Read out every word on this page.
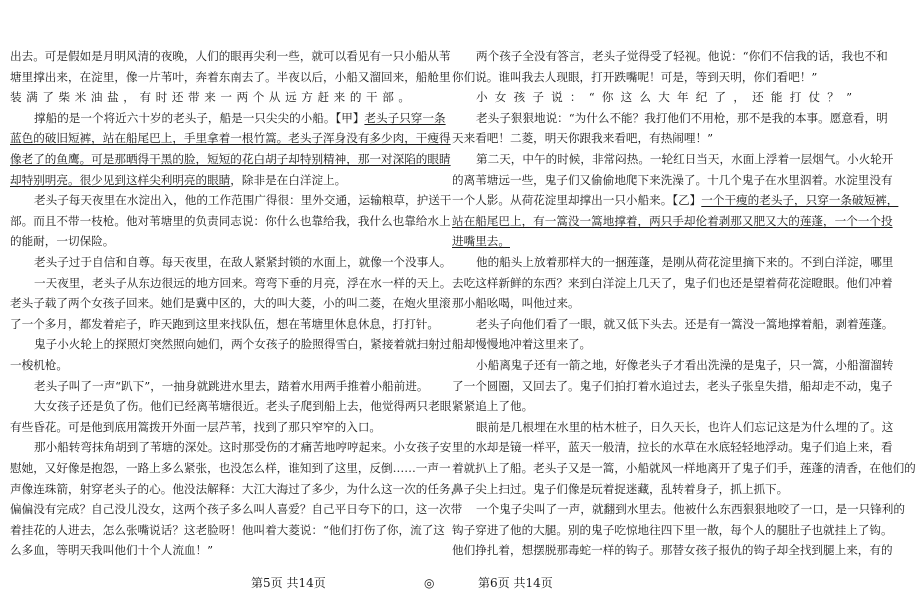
出去。可是假如是月明风清的夜晚，人们的眼再尖利一些，就可以看见有一只小船从苇
塘里撑出来，在淀里，像一片苇叶，奔着东南去了。半夜以后，小船又溜回来，船舱里
装满了柴米油盐，有时还带来一两个从远方赶来的干部。
撑船的是一个将近六十岁的老头子，船是一只尖尖的小船。【甲】老头子只穿一条
蓝色的破旧短裤，站在船尾巴上，手里拿着一根竹篙。老头子浑身没有多少肉，干瘦得
像老了的鱼鹰。可是那晒得干黑的脸，短短的花白胡子却特别精神，那一对深陷的眼睛
却特别明亮。很少见到这样尖利明亮的眼睛，除非是在白洋淀上。
老头子每天夜里在水淀出入，他的工作范围广得很：里外交通，运输粮草，护送干
部。而且不带一枝枪。他对苇塘里的负责同志说：你什么也靠给我，我什么也靠给水上
的能耐，一切保险。
老头子过于自信和自尊。每天夜里，在敌人紧紧封锁的水面上，就像一个没事人。
一天夜里，老头子从东边很远的地方回来。弯弯下垂的月亮，浮在水一样的天上。
老头子载了两个女孩子回来。她们是冀中区的，大的叫大菱，小的叫二菱，在炮火里滚
了一个多月，都发着疟子，昨天跑到这里来找队伍，想在苇塘里休息休息，打打针。
鬼子小火轮上的探照灯突然照向她们，两个女孩子的脸照得雪白，紧接着就扫射过
一梭机枪。
老头子叫了一声“趴下”，一抽身就跳进水里去，踏着水用两手推着小船前进。
大女孩子还是负了伤。他们已经离苇塘很近。老头子爬到船上去，他觉得两只老眼
有些昏花。可是他到底用篙拨开外面一层芦苇，找到了那只窄窄的入口。
那小船转弯抹角胡到了苇塘的深处。这时那受伤的才痛苦地哼哼起来。小女孩子安
慰她，又好像是抱怨，一路上多么紧张，也没怎么样，谁知到了这里，反倒……一声一
声像连珠箭，射穿老头子的心。他没法解释：大江大海过了多少，为什么这一次的任务，
偏偏没有完成？自己没儿没女，这两个孩子多么叫人喜爱？自己平日夸下的口，这一次带
着挂花的人进去，怎么张嘴说话？这老脸呀！他叫着大菱说：“他们打伤了你，流了这
么多血，等明天我叫他们十个人流血！”
两个孩子全没有答言，老头子觉得受了轻视。他说：“你们不信我的话，我也不和
你们说。谁叫我去人现眼，打开跌嘴呢！可是，等到天明，你们看吧！”
小女孩子说：“你这么大年纪了，还能打仗？”
老头子狠狠地说：“为什么不能？我打他们不用枪，那不是我的本事。愿意看，明
天来看吧！二菱，明天你跟我来看吧，有热闹哩！”
第二天，中午的时候，非常闷热。一轮红日当天，水面上浮着一层烟气。小火轮开
的离苇塘远一些，鬼子们又偷偷地爬下来洗澡了。十几个鬼子在水里泅着。水淀里没有
一个人影。从荷花淀里却撑出一只小船来。【乙】一个干瘦的老头子，只穿一条破短裤，
站在船尾巴上，有一篙没一篙地撑着，两只手却伦着剥那又肥又大的莲蓬，一个一个投
进嘴里去。
他的船头上放着那样大的一捆莲蓬，是刚从荷花淀里摘下来的。不到白洋淀，哪里
去吃这样新鲜的东西？来到白洋淀上几天了，鬼子们也还是望着荷花淀瞪眼。他们冲着
那小船吆喝，叫他过来。
老头子向他们看了一眼，就又低下头去。还是有一篙没一篙地撑着船，剥着莲蓬。
船却慢慢地冲着这里来了。
小船离鬼子还有一箭之地，好像老头子才看出洗澡的是鬼子，只一篙，小船溜溜转
了一个圆圈，又回去了。鬼子们拍打着水追过去，老头子张皇失措，船却走不动，鬼子
紧紧追上了他。
眼前是几根埋在水里的枯木桩子，日久天长，也许人们忘记这是为什么埋的了。这
里的水却是镜一样平，蓝天一般清，拉长的水草在水底轻轻地浮动。鬼子们追上来，看
着就扒上了船。老头子又是一篙，小船就风一样地离开了鬼子们手，莲蓬的清香，在他们的
鼻子尖上扫过。鬼子们像是玩着捉迷藏，乱转着身子，抓上抓下。
一个鬼子尖叫了一声，就翻到水里去。他被什么东西狠狠地咬了一口，是一只锋利的
钩子穿进了他的大腿。别的鬼子吃惊地往四下里一散，每个人的腿肚子也就挂上了钩。
他们挣扎着，想摆脱那毒蛇一样的钩子。那替女孩子报仇的钩子却全找到腿上来，有的
第5页 共14页	◎	第6页 共14页
